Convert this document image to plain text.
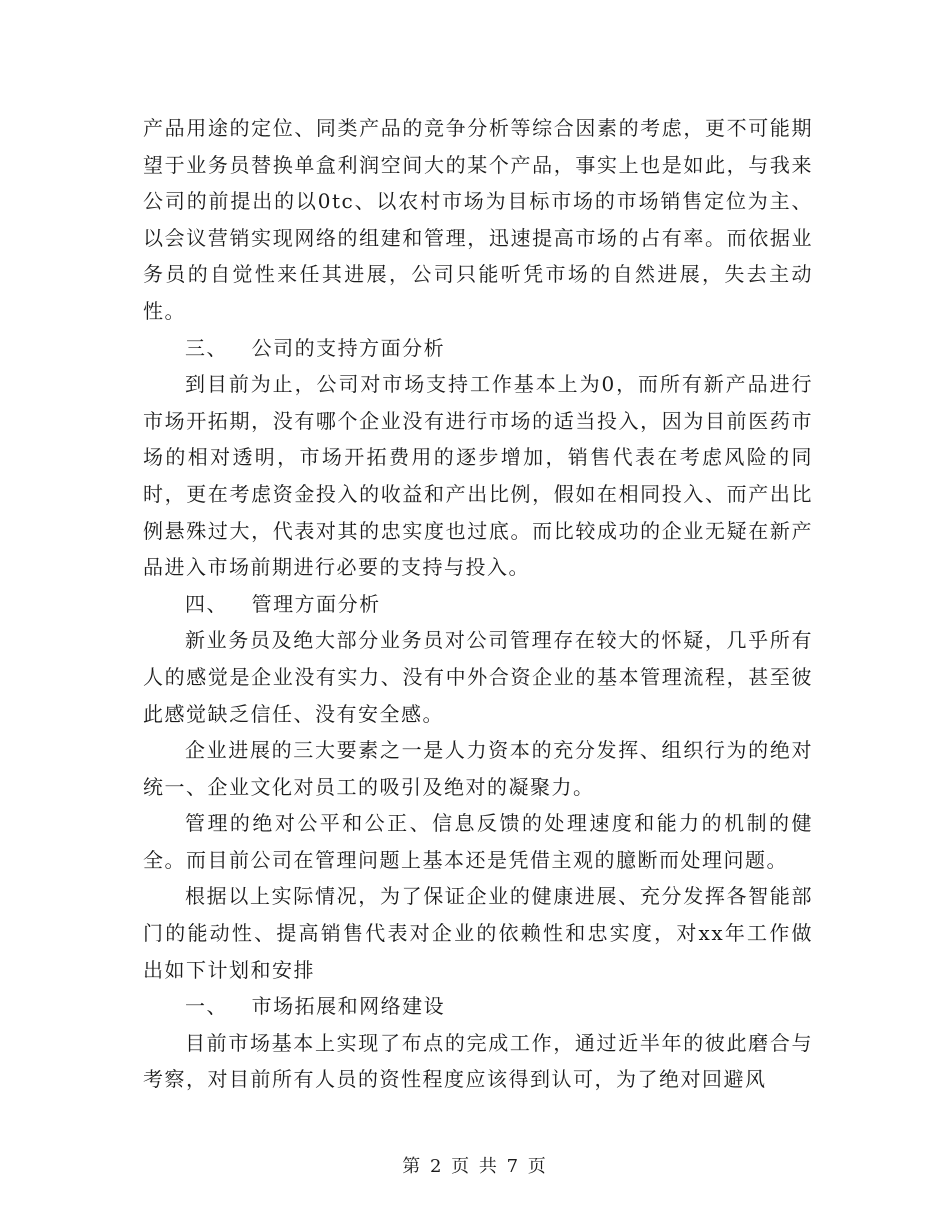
产品用途的定位、同类产品的竞争分析等综合因素的考虑，更不可能期望于业务员替换单盒利润空间大的某个产品，事实上也是如此，与我来公司的前提出的以0tc、以农村市场为目标市场的市场销售定位为主、以会议营销实现网络的组建和管理，迅速提高市场的占有率。而依据业务员的自觉性来任其进展，公司只能听凭市场的自然进展，失去主动性。

三、   公司的支持方面分析

到目前为止，公司对市场支持工作基本上为0，而所有新产品进行市场开拓期，没有哪个企业没有进行市场的适当投入，因为目前医药市场的相对透明，市场开拓费用的逐步增加，销售代表在考虑风险的同时，更在考虑资金投入的收益和产出比例，假如在相同投入、而产出比例悬殊过大，代表对其的忠实度也过底。而比较成功的企业无疑在新产品进入市场前期进行必要的支持与投入。

四、   管理方面分析

新业务员及绝大部分业务员对公司管理存在较大的怀疑，几乎所有人的感觉是企业没有实力、没有中外合资企业的基本管理流程，甚至彼此感觉缺乏信任、没有安全感。

企业进展的三大要素之一是人力资本的充分发挥、组织行为的绝对统一、企业文化对员工的吸引及绝对的凝聚力。

管理的绝对公平和公正、信息反馈的处理速度和能力的机制的健全。而目前公司在管理问题上基本还是凭借主观的臆断而处理问题。

根据以上实际情况，为了保证企业的健康进展、充分发挥各智能部门的能动性、提高销售代表对企业的依赖性和忠实度，对xx年工作做出如下计划和安排

一、   市场拓展和网络建设

目前市场基本上实现了布点的完成工作，通过近半年的彼此磨合与考察，对目前所有人员的资性程度应该得到认可，为了绝对回避风

第 2 页 共 7 页
